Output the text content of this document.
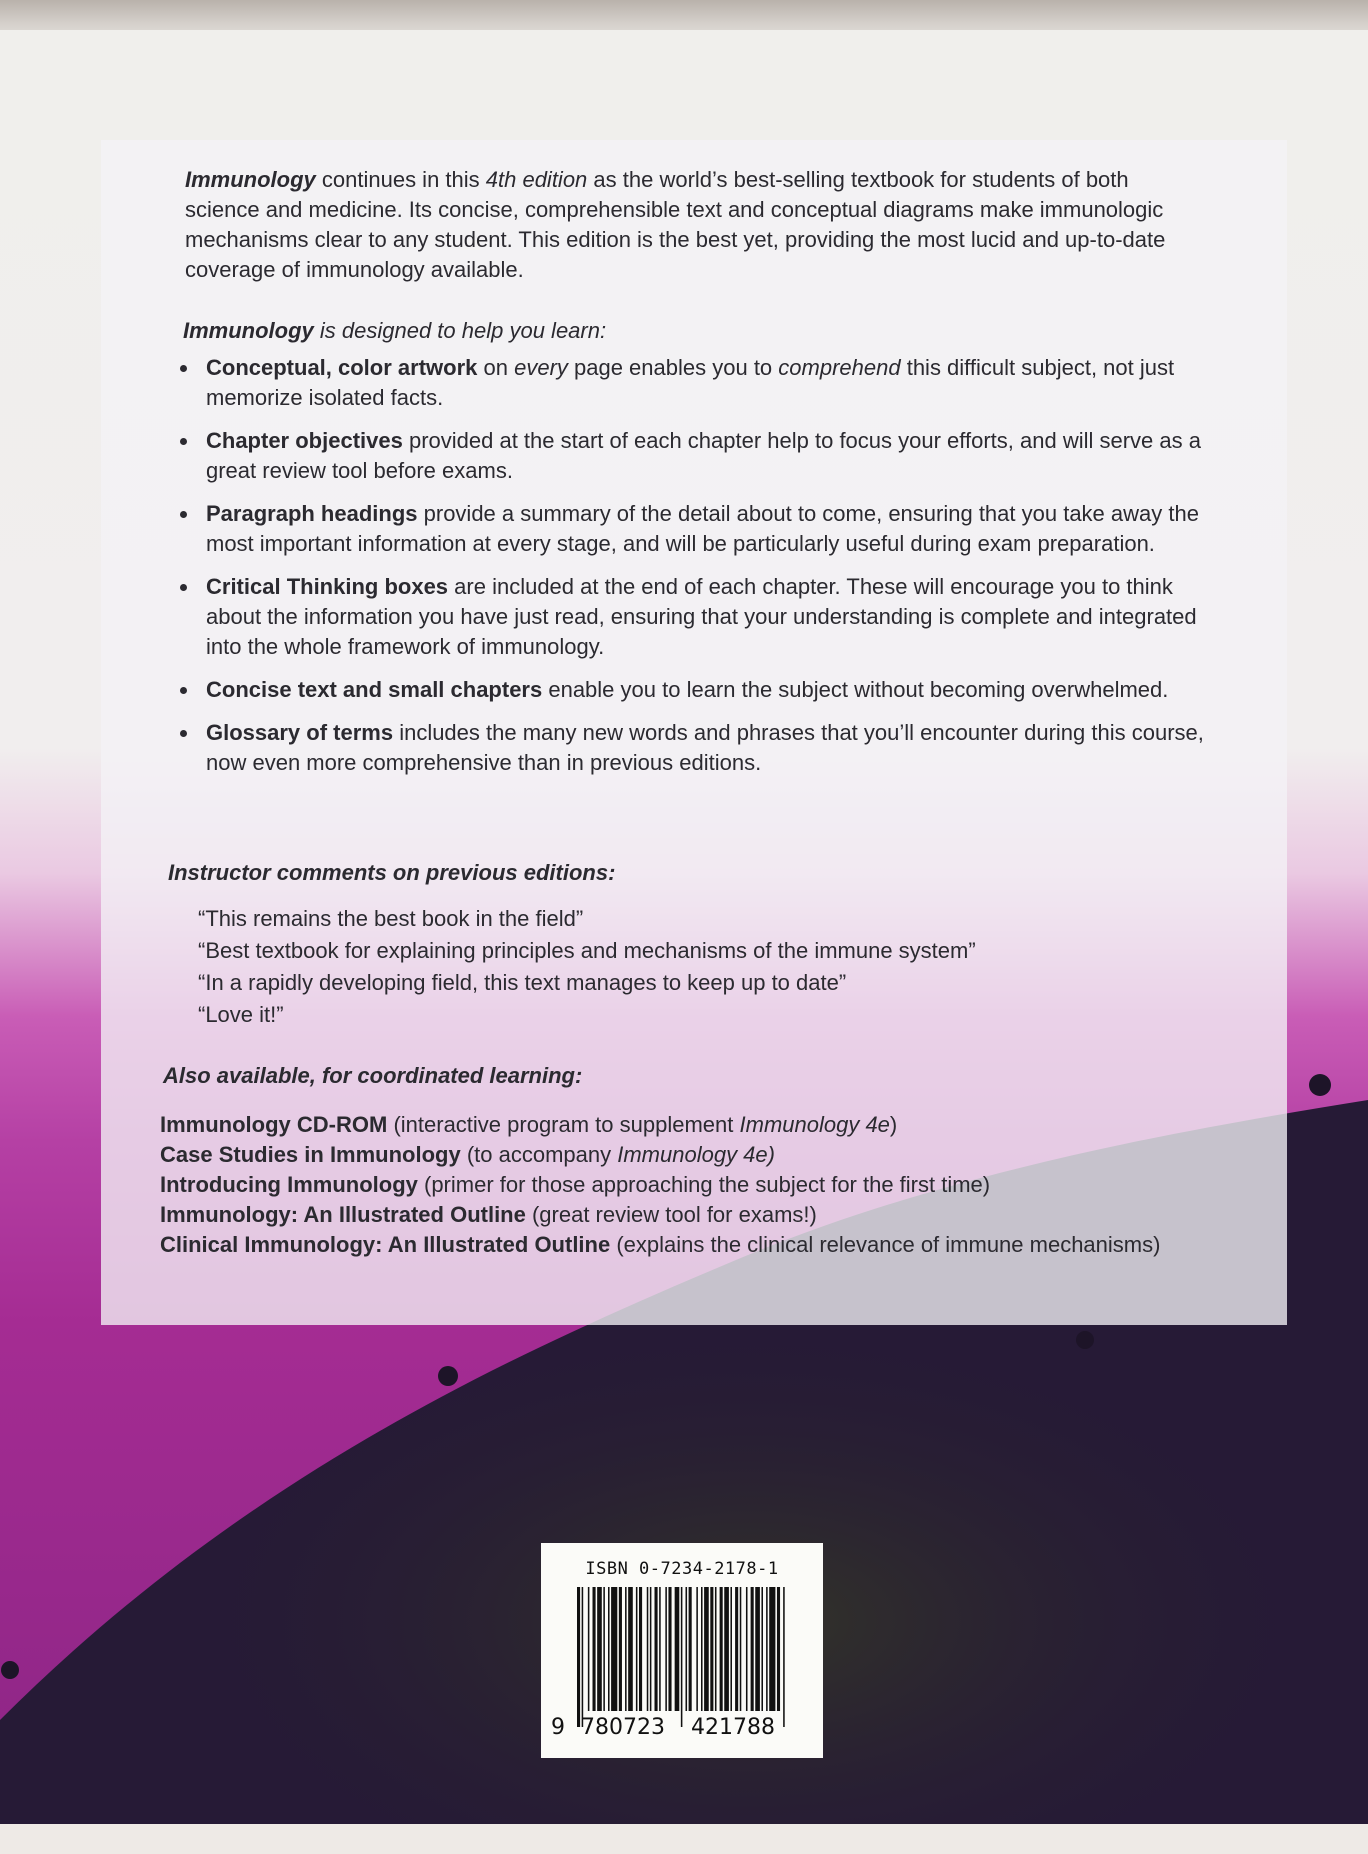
Immunology continues in this 4th edition as the world’s best-selling textbook for students of both science and medicine. Its concise, comprehensible text and conceptual diagrams make immunologic mechanisms clear to any student. This edition is the best yet, providing the most lucid and up-to-date coverage of immunology available.

Immunology is designed to help you learn:

Conceptual, color artwork on every page enables you to comprehend this difficult subject, not just memorize isolated facts.
Chapter objectives provided at the start of each chapter help to focus your efforts, and will serve as a great review tool before exams.
Paragraph headings provide a summary of the detail about to come, ensuring that you take away the most important information at every stage, and will be particularly useful during exam preparation.
Critical Thinking boxes are included at the end of each chapter. These will encourage you to think about the information you have just read, ensuring that your understanding is complete and integrated into the whole framework of immunology.
Concise text and small chapters enable you to learn the subject without becoming overwhelmed.
Glossary of terms includes the many new words and phrases that you’ll encounter during this course, now even more comprehensive than in previous editions.

Instructor comments on previous editions:

“This remains the best book in the field”
“Best textbook for explaining principles and mechanisms of the immune system”
“In a rapidly developing field, this text manages to keep up to date”
“Love it!”

Also available, for coordinated learning:

Immunology CD-ROM (interactive program to supplement Immunology 4e)
Case Studies in Immunology (to accompany Immunology 4e)
Introducing Immunology (primer for those approaching the subject for the first time)
Immunology: An Illustrated Outline (great review tool for exams!)
Clinical Immunology: An Illustrated Outline (explains the clinical relevance of immune mechanisms)
ISBN 0-7234-2178-1
9 780723 421788
